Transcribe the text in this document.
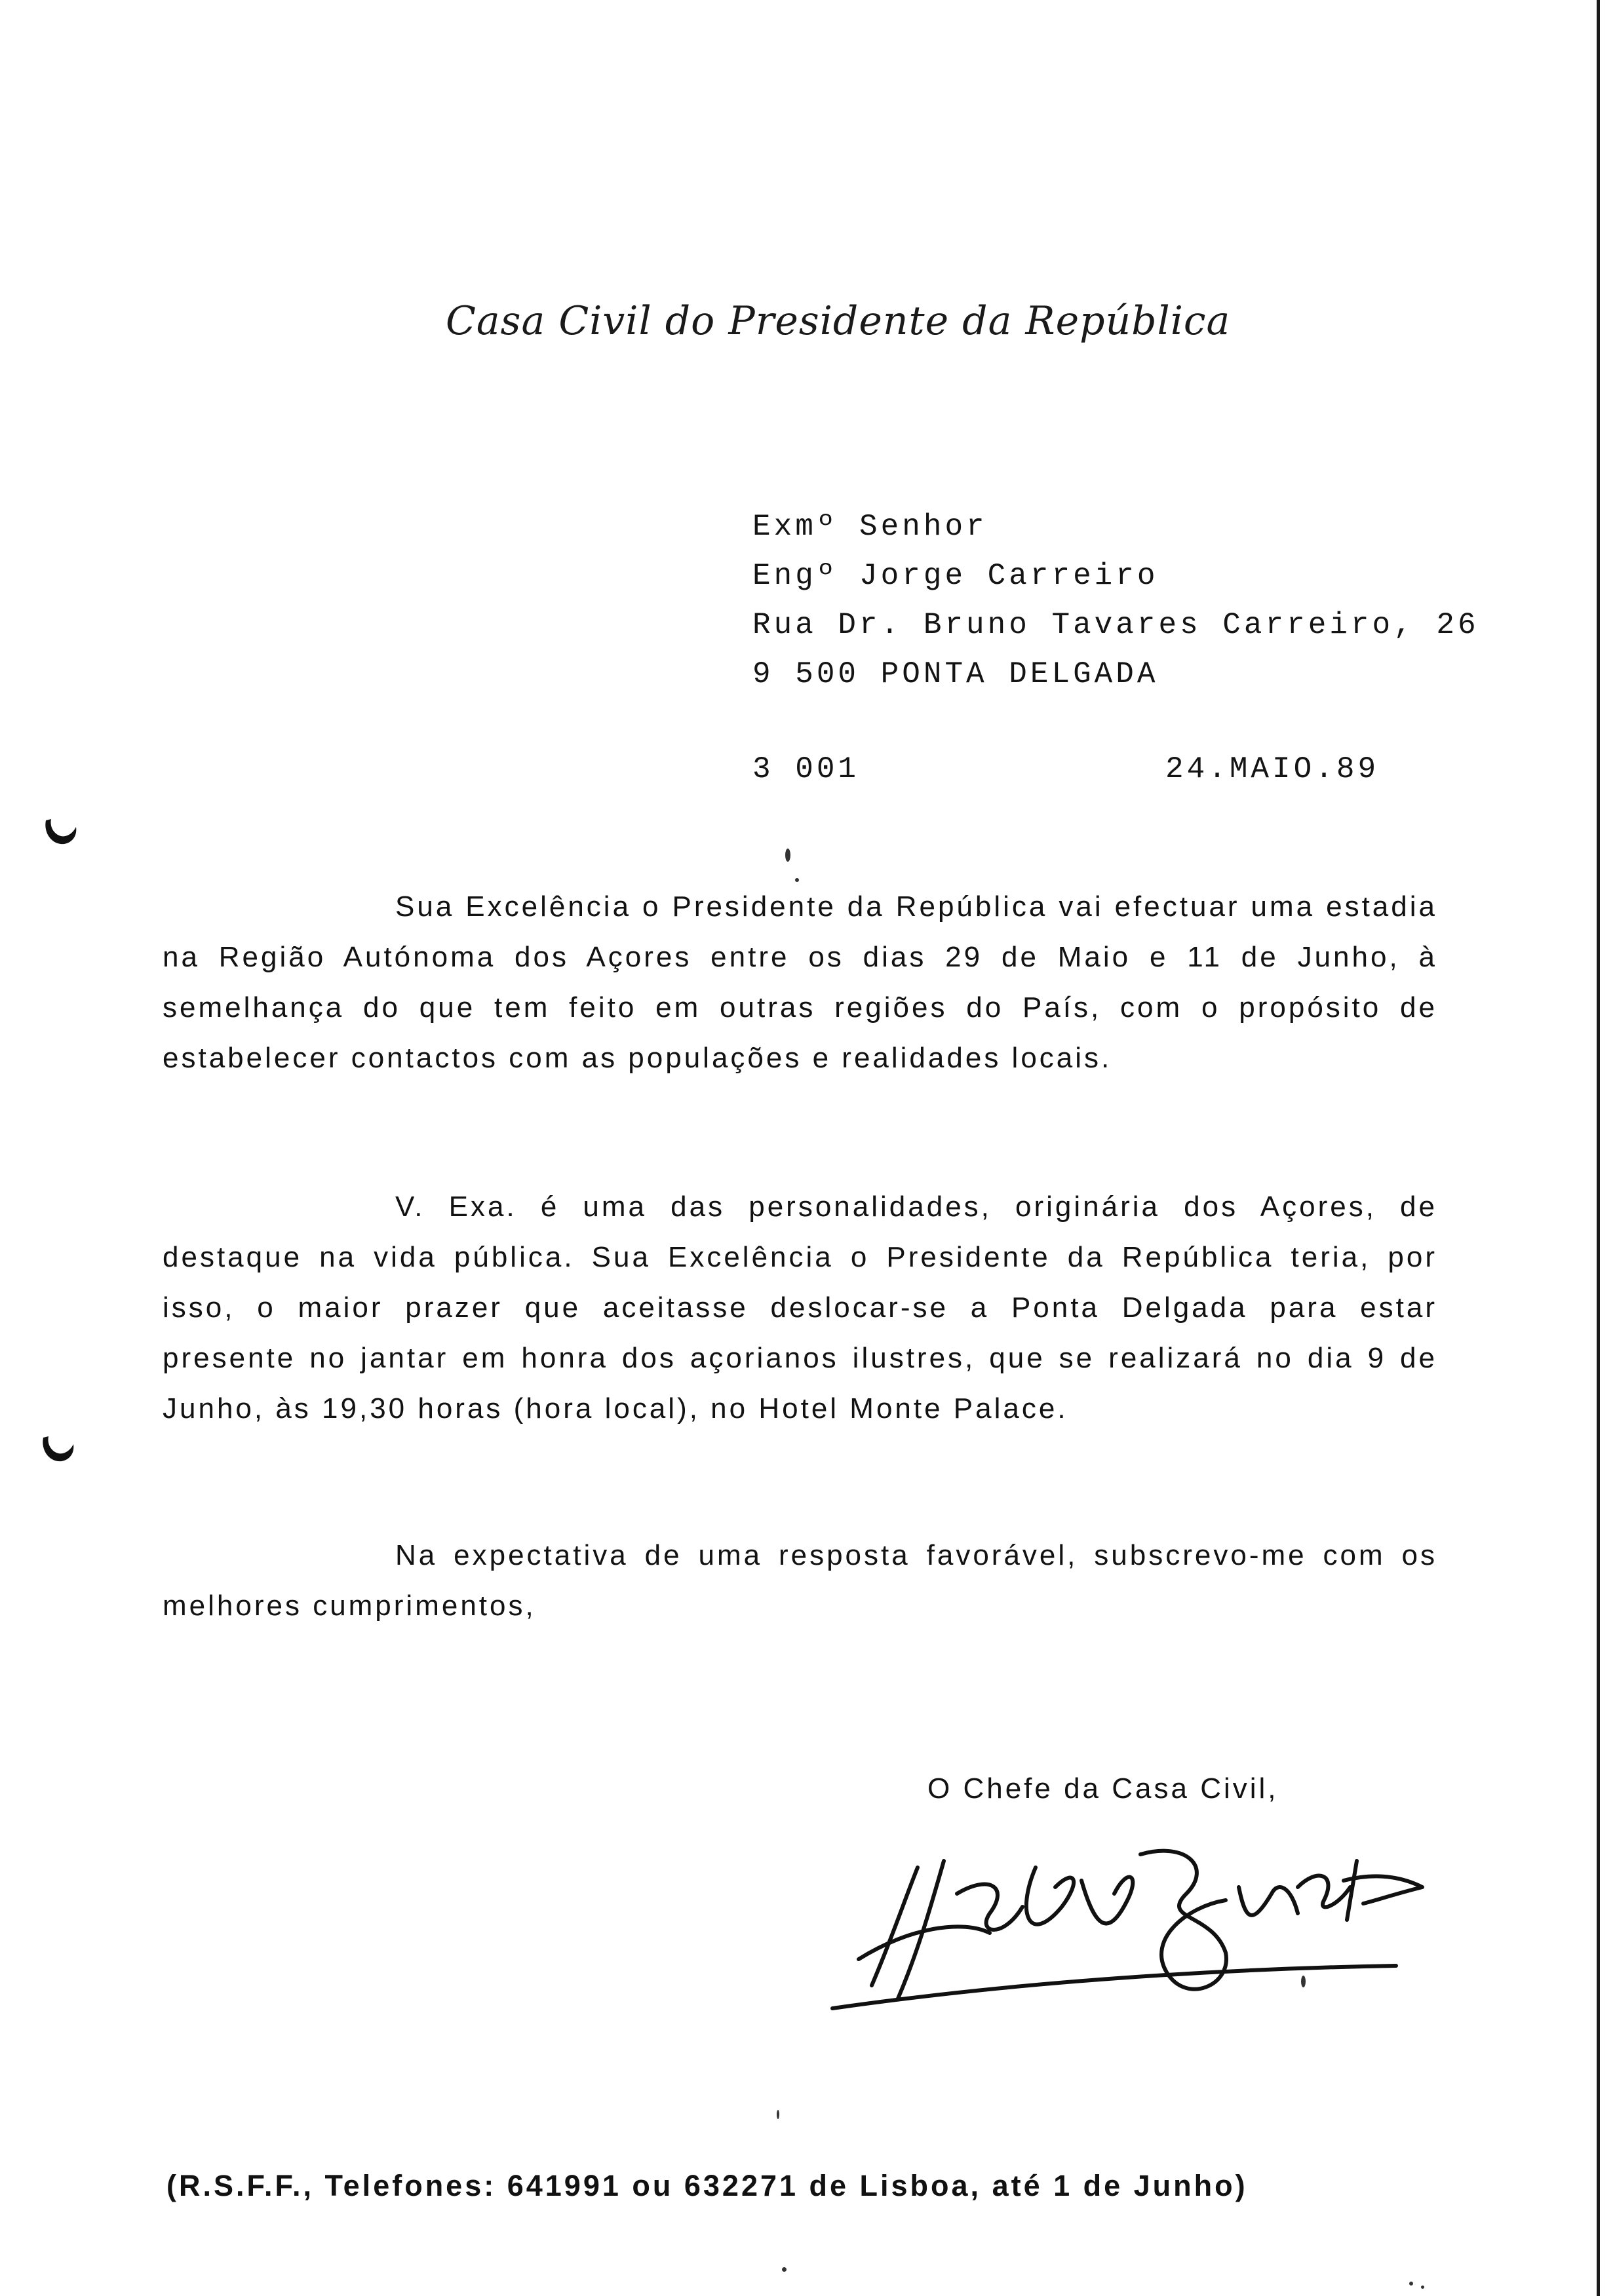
Casa Civil do Presidente da República
Exmº Senhor
Engº Jorge Carreiro
Rua Dr. Bruno Tavares Carreiro, 26
9 500 PONTA DELGADA
3 001	24.MAIO.89

Sua Excelência o Presidente da República vai efectuar uma estadia na Região Autónoma dos Açores entre os dias 29 de Maio e 11 de Junho, à semelhança do que tem feito em outras regiões do País, com o propósito de estabelecer contactos com as populações e realidades locais.

V. Exa. é uma das personalidades, originária dos Açores, de destaque na vida pública. Sua Excelência o Presidente da República teria, por isso, o maior prazer que aceitasse deslocar-se a Ponta Delgada para estar presente no jantar em honra dos açorianos ilustres, que se realizará no dia 9 de Junho, às 19,30 horas (hora local), no Hotel Monte Palace.

Na expectativa de uma resposta favorável, subscrevo-me com os melhores cumprimentos,

O Chefe da Casa Civil,
(R.S.F.F., Telefones: 641991 ou 632271 de Lisboa, até 1 de Junho)
